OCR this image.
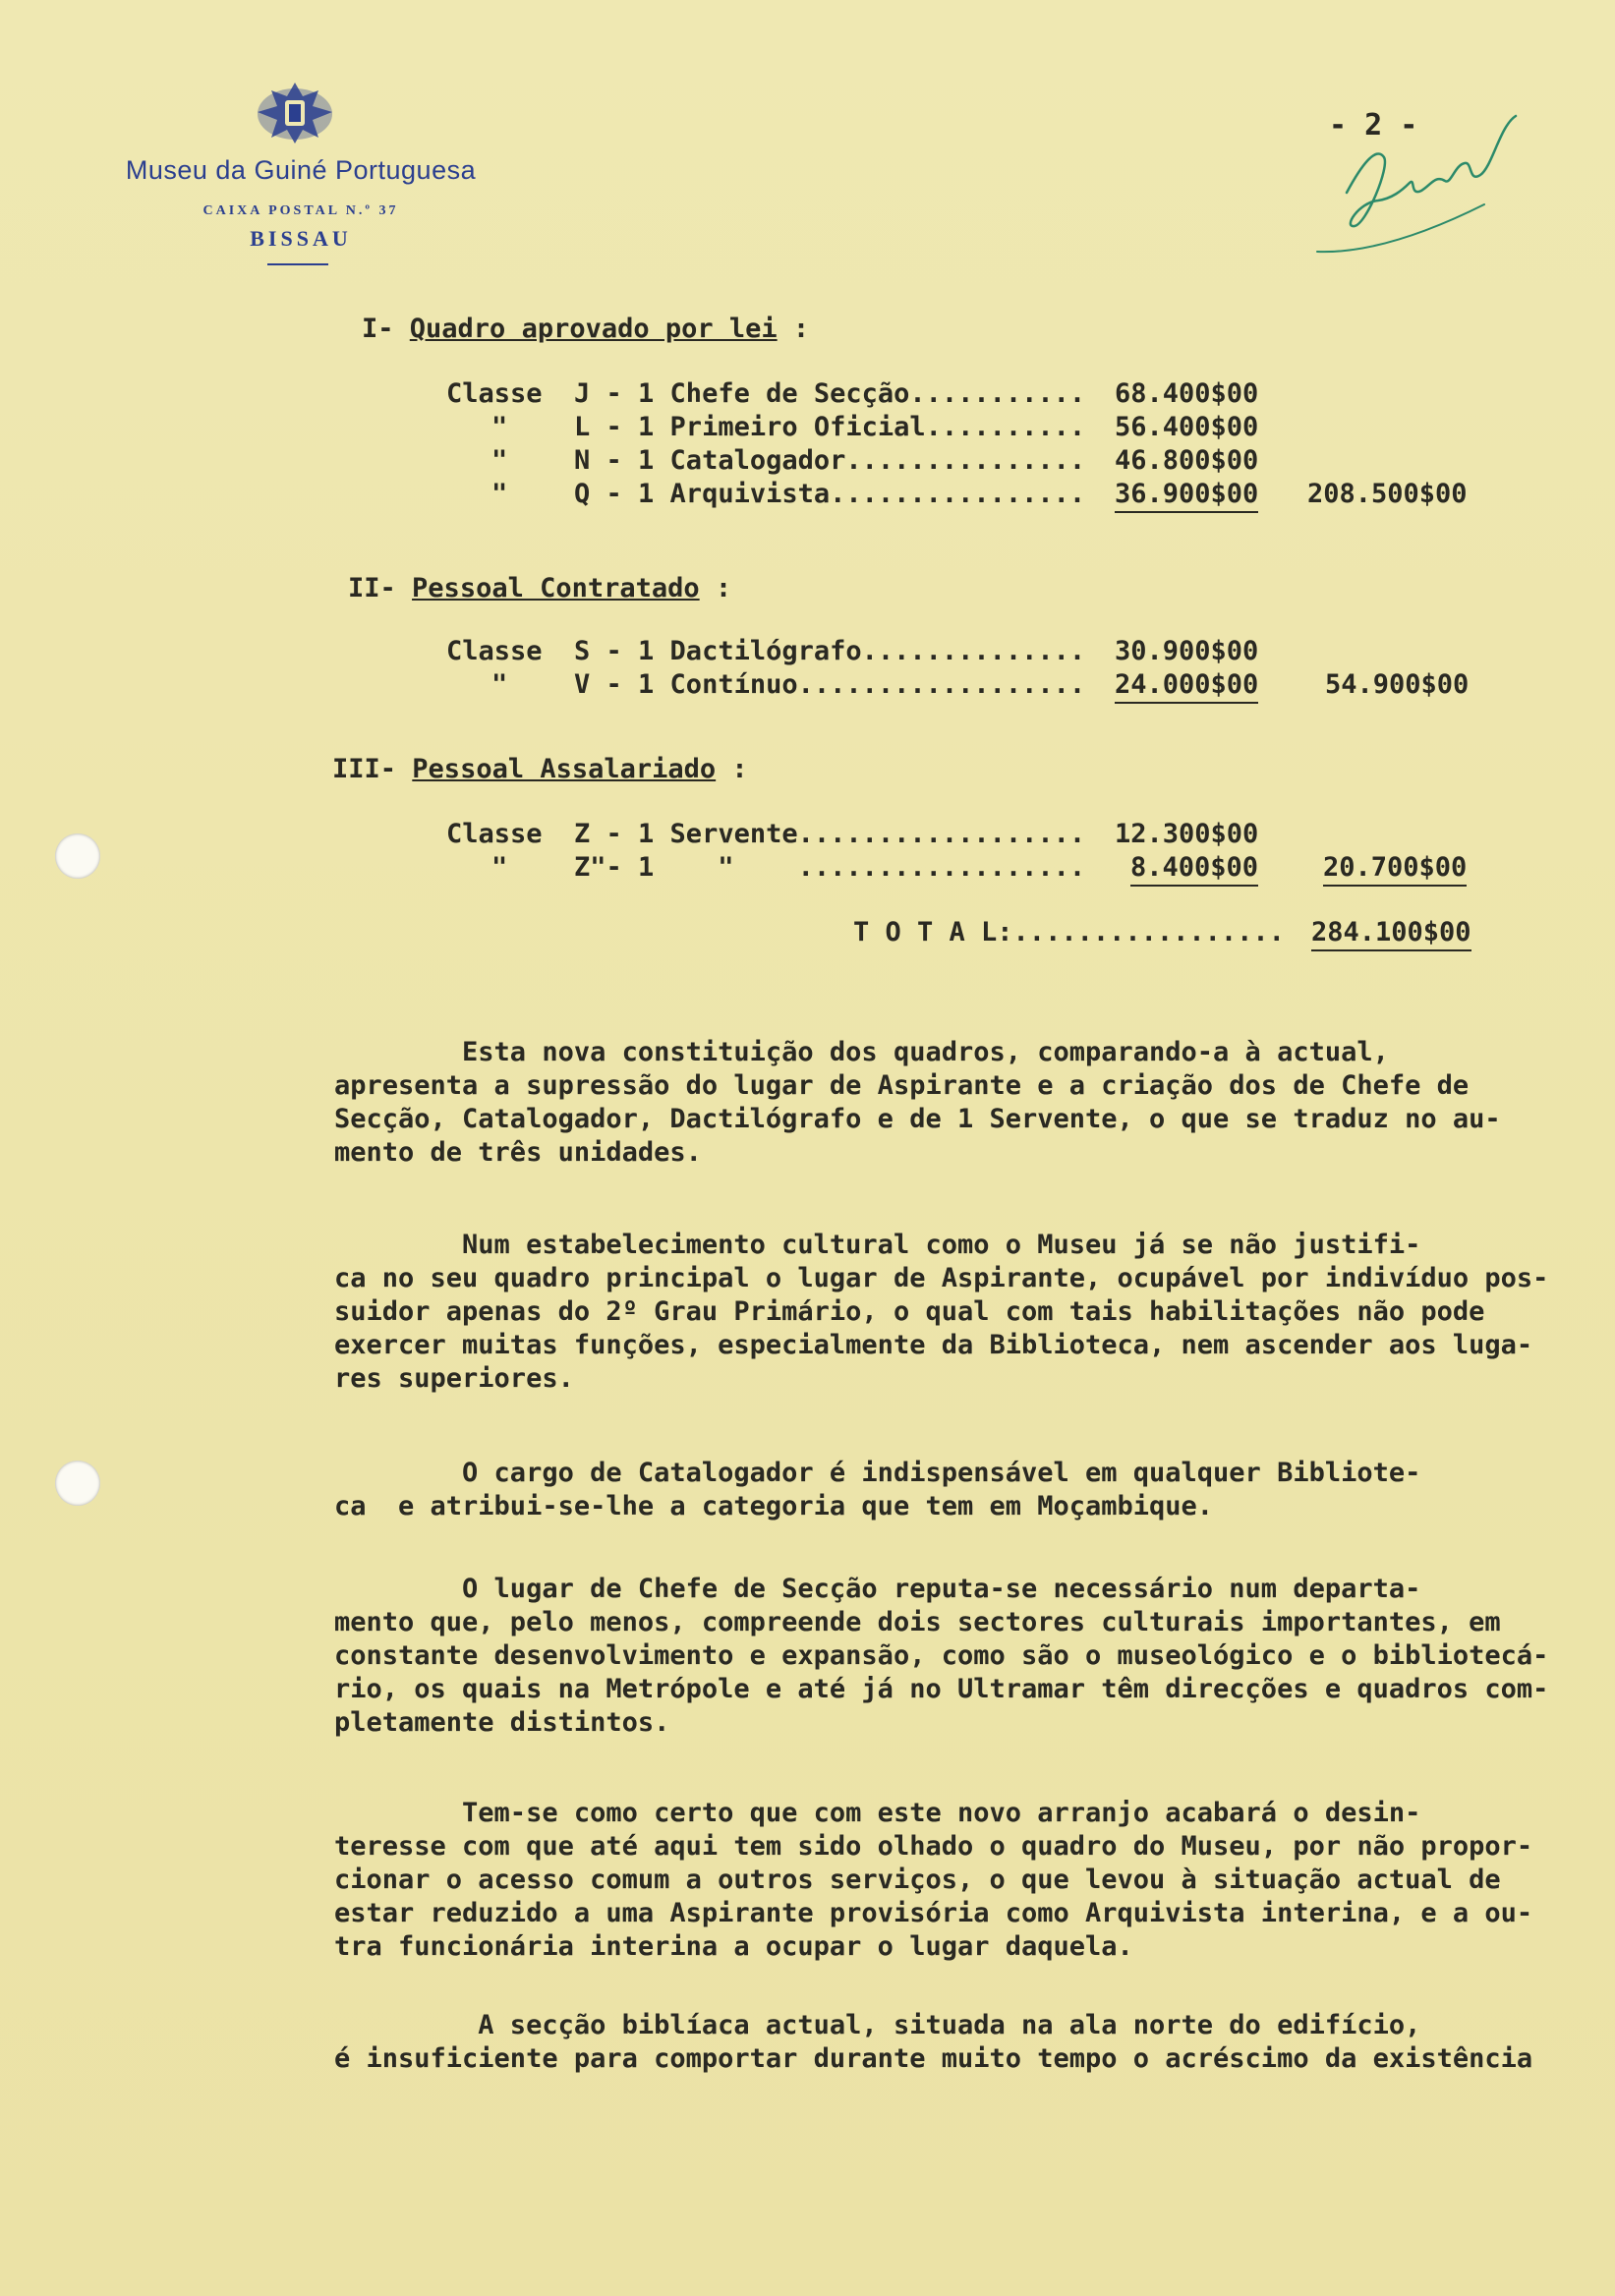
Museu da Guiné Portuguesa
CAIXA POSTAL N.º 37
BISSAU
- 2 -
I- Quadro aprovado por lei :
Classe J - 1 Chefe de Secção........... 68.400$00
"	L - 1 Primeiro Oficial.......... 56.400$00
"	N - 1 Catalogador............... 46.800$00
"	Q - 1 Arquivista................ 36.900$00 208.500$00
II- Pessoal Contratado :
Classe S - 1 Dactilógrafo.............. 30.900$00
"	V - 1 Contínuo.................. 24.000$00	54.900$00
III- Pessoal Assalariado :
Classe Z - 1 Servente.................. 12.300$00
"	Z"- 1    "    .................. 8.400$00 20.700$00
T O T A L:................. 284.100$00
Esta nova constituição dos quadros, comparando-a à actual,
apresenta a supressão do lugar de Aspirante e a criação dos de Chefe de
Secção, Catalogador, Dactilógrafo e de 1 Servente, o que se traduz no au-
mento de três unidades.
Num estabelecimento cultural como o Museu já se não justifi-
ca no seu quadro principal o lugar de Aspirante, ocupável por indivíduo pos-
suidor apenas do 2º Grau Primário, o qual com tais habilitações não pode
exercer muitas funções, especialmente da Biblioteca, nem ascender aos luga-
res superiores.
O cargo de Catalogador é indispensável em qualquer Bibliote-
ca  e atribui-se-lhe a categoria que tem em Moçambique.
O lugar de Chefe de Secção reputa-se necessário num departa-
mento que, pelo menos, compreende dois sectores culturais importantes, em
constante desenvolvimento e expansão, como são o museológico e o bibliotecá-
rio, os quais na Metrópole e até já no Ultramar têm direcções e quadros com-
pletamente distintos.
Tem-se como certo que com este novo arranjo acabará o desin-
teresse com que até aqui tem sido olhado o quadro do Museu, por não propor-
cionar o acesso comum a outros serviços, o que levou à situação actual de
estar reduzido a uma Aspirante provisória como Arquivista interina, e a ou-
tra funcionária interina a ocupar o lugar daquela.
A secção biblíaca actual, situada na ala norte do edifício,
é insuficiente para comportar durante muito tempo o acréscimo da existência
